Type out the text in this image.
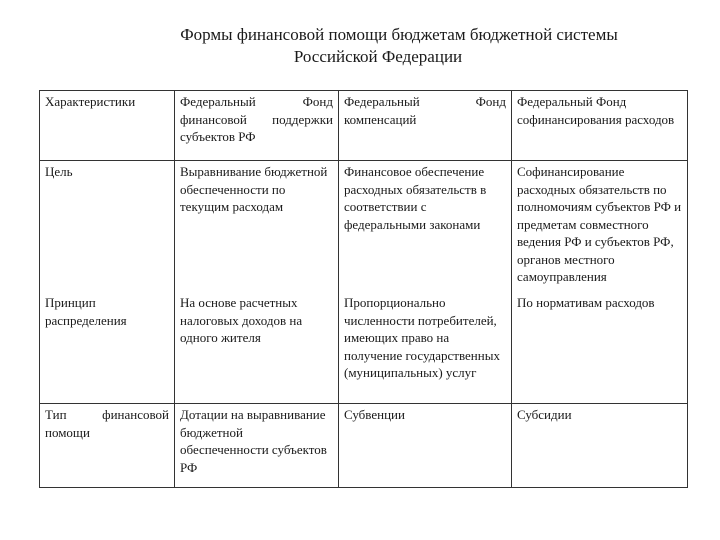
Формы финансовой помощи бюджетам бюджетной системы
Российской Федерации
Характеристики	Федеральный Фонд финансовой поддержки субъектов РФ	Федеральный Фонд компенсаций	Федеральный Фонд софинансирования расходов
Цель	Выравнивание бюджетной обеспеченности по текущим расходам	Финансовое обеспечение расходных обязательств в соответствии с федеральными законами	Софинансирование расходных обязательств по полномочиям субъектов РФ и предметам совместного ведения РФ и субъектов РФ, органов местного самоуправления
Принцип распределения	На основе расчетных налоговых доходов на одного жителя	Пропорционально численности потребителей, имеющих право на получение государственных (муниципальных) услуг	По нормативам расходов
Тип финансовой помощи	Дотации на выравнивание бюджетной обеспеченности субъектов РФ	Субвенции	Субсидии
